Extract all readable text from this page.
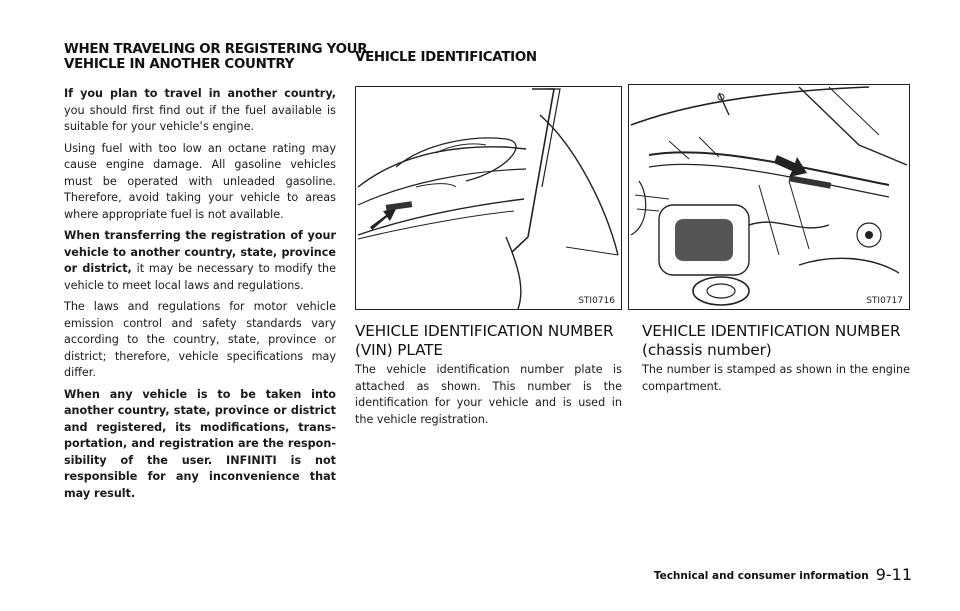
WHEN TRAVELING OR REGISTERING YOUR
VEHICLE IN ANOTHER COUNTRY

If you plan to travel in another country, you should first find out if the fuel available is suitable for your vehicle’s engine.

Using fuel with too low an octane rating may cause engine damage. All gasoline vehicles must be operated with unleaded gasoline. Therefore, avoid taking your vehicle to areas where appropriate fuel is not available.

When transferring the registration of your vehicle to another country, state, province or district, it may be necessary to modify the vehicle to meet local laws and regulations.

The laws and regulations for motor vehicle emission control and safety standards vary according to the country, state, province or district; therefore, vehicle specifications may differ.

When any vehicle is to be taken into another country, state, province or district and registered, its modifications, transportation, and registration are the responsibility of the user. INFINITI is not responsible for any inconvenience that may result.

VEHICLE IDENTIFICATION
STI0716
VEHICLE IDENTIFICATION NUMBER
(VIN) PLATE

The vehicle identification number plate is attached as shown. This number is the identification for your vehicle and is used in the vehicle registration.

STI0717
VEHICLE IDENTIFICATION NUMBER
(chassis number)

The number is stamped as shown in the engine compartment.

Technical and consumer information 9-11
